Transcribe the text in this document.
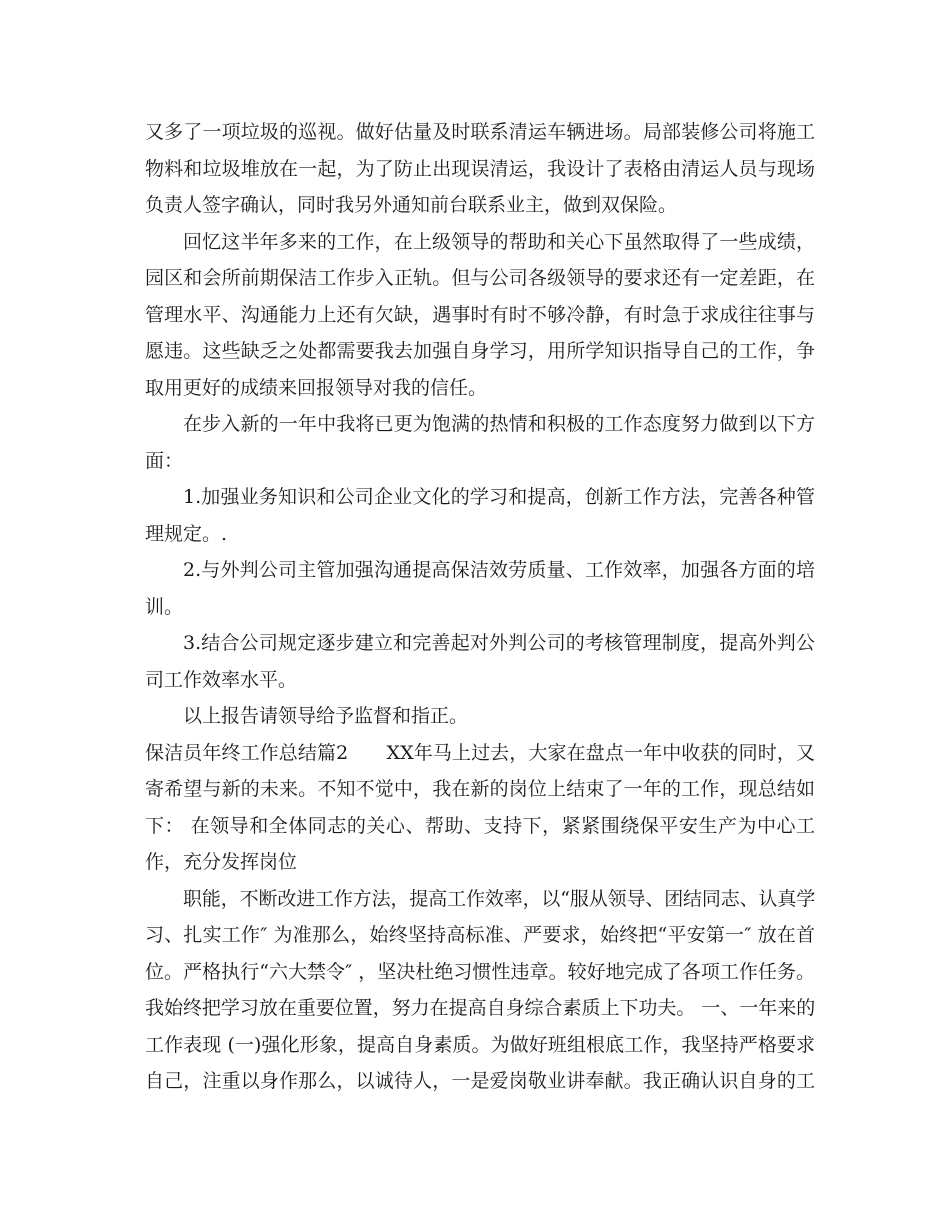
又多了一项垃圾的巡视。做好估量及时联系清运车辆进场。局部装修公司将施工
物料和垃圾堆放在一起，为了防止出现误清运，我设计了表格由清运人员与现场
负责人签字确认，同时我另外通知前台联系业主，做到双保险。
回忆这半年多来的工作，在上级领导的帮助和关心下虽然取得了一些成绩，
园区和会所前期保洁工作步入正轨。但与公司各级领导的要求还有一定差距，在
管理水平、沟通能力上还有欠缺，遇事时有时不够冷静，有时急于求成往往事与
愿违。这些缺乏之处都需要我去加强自身学习，用所学知识指导自己的工作，争
取用更好的成绩来回报领导对我的信任。
在步入新的一年中我将已更为饱满的热情和积极的工作态度努力做到以下方
面：
1.加强业务知识和公司企业文化的学习和提高，创新工作方法，完善各种管
理规定。.
2.与外判公司主管加强沟通提高保洁效劳质量、工作效率，加强各方面的培
训。
3.结合公司规定逐步建立和完善起对外判公司的考核管理制度，提高外判公
司工作效率水平。
以上报告请领导给予监督和指正。
保洁员年终工作总结篇2　　XX年马上过去，大家在盘点一年中收获的同时，又
寄希望与新的未来。不知不觉中，我在新的岗位上结束了一年的工作，现总结如
下： 在领导和全体同志的关心、帮助、支持下，紧紧围绕保平安生产为中心工
作，充分发挥岗位
职能，不断改进工作方法，提高工作效率，以“服从领导、团结同志、认真学
习、扎实工作″ 为准那么，始终坚持高标准、严要求，始终把“平安第一″ 放在首
位。严格执行“六大禁令″ ，坚决杜绝习惯性违章。较好地完成了各项工作任务。
我始终把学习放在重要位置，努力在提高自身综合素质上下功夫。 一、一年来的
工作表现 (一)强化形象，提高自身素质。为做好班组根底工作，我坚持严格要求
自己，注重以身作那么，以诚待人，一是爱岗敬业讲奉献。我正确认识自身的工
